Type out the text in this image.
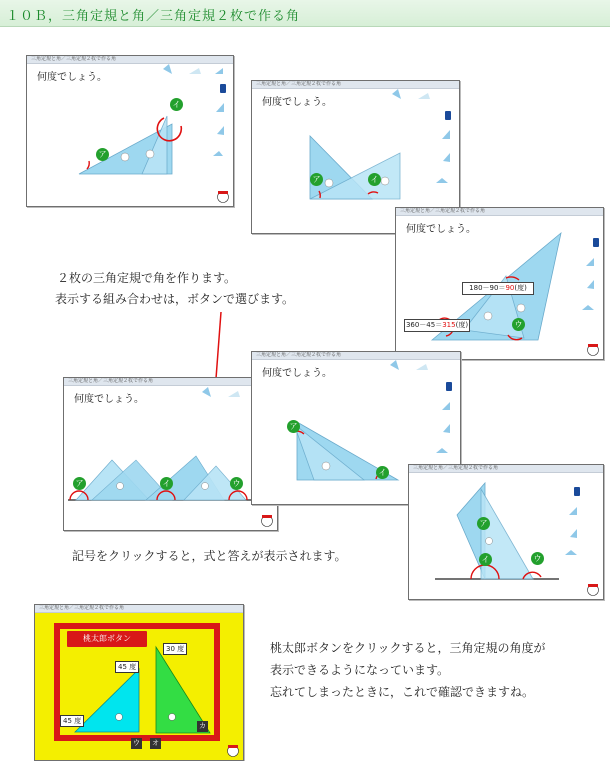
１０Ｂ，三角定規と角／三角定規２枚で作る角
三角定規と角／三角定規２枚で作る角
何度でしょう。
イ
ア
三角定規と角／三角定規２枚で作る角
何度でしょう。
ア	イ
三角定規と角／三角定規２枚で作る角
何度でしょう。
180－90＝90(度)
360－45＝315(度)	ウ
２枚の三角定規で角を作ります。
表示する組み合わせは，ボタンで選びます。
三角定規と角／三角定規２枚で作る角
何度でしょう。
ア	イ	ウ
三角定規と角／三角定規２枚で作る角
何度でしょう。
ア
イ	三角定規と角／三角定規２枚で作る角
ア
イ	ウ
記号をクリックすると，式と答えが表示されます。
三角定規と角／三角定規２枚で作る角
桃太郎ボタン
45 度
30 度
45 度
ウ オ
カ
桃太郎ボタンをクリックすると，三角定規の角度が
表示できるようになっています。
忘れてしまったときに，これで確認できますね。
